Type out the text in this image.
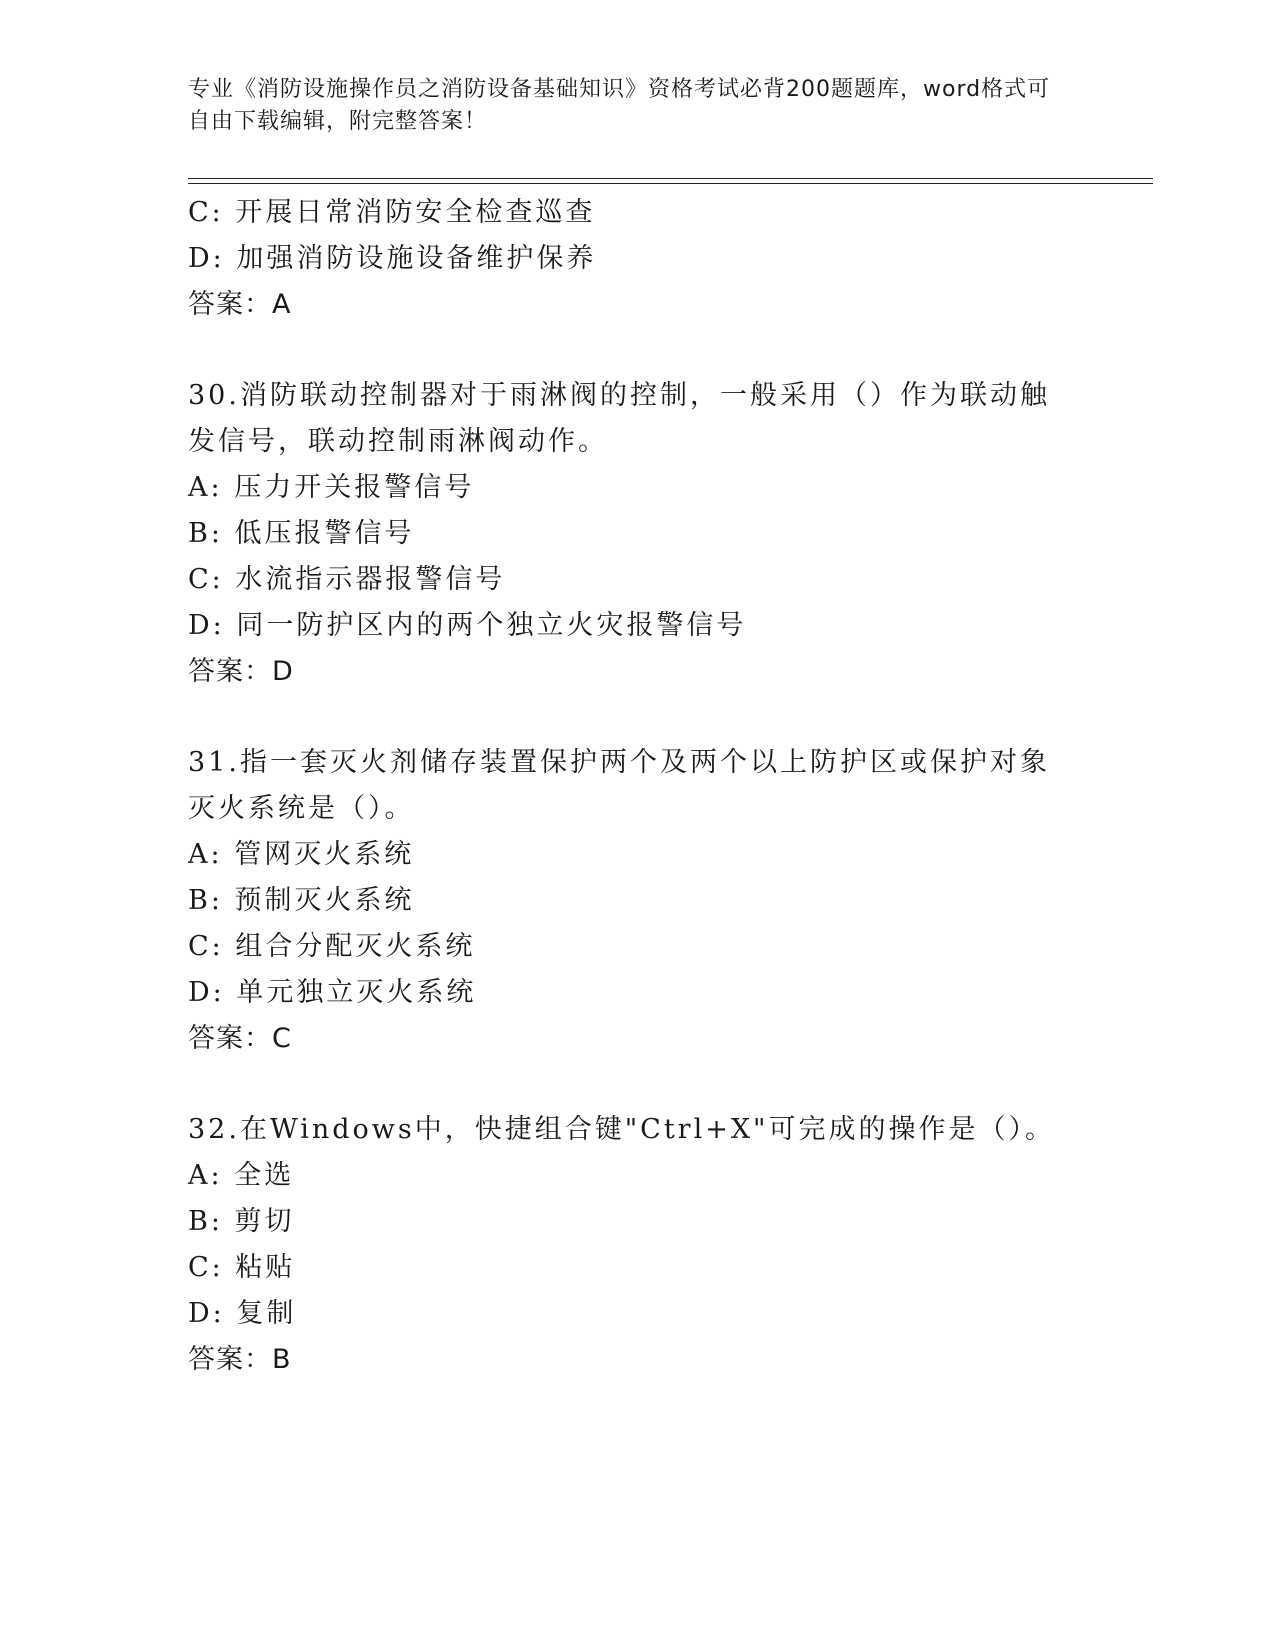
专业《消防设施操作员之消防设备基础知识》资格考试必背200题题库，word格式可自由下载编辑，附完整答案！
C: 开展日常消防安全检查巡查
D: 加强消防设施设备维护保养
答案：A
30.消防联动控制器对于雨淋阀的控制，一般采用（）作为联动触发信号，联动控制雨淋阀动作。
A: 压力开关报警信号
B: 低压报警信号
C: 水流指示器报警信号
D: 同一防护区内的两个独立火灾报警信号
答案：D
31.指一套灭火剂储存装置保护两个及两个以上防护区或保护对象灭火系统是（）。
A: 管网灭火系统
B: 预制灭火系统
C: 组合分配灭火系统
D: 单元独立灭火系统
答案：C
32.在Windows中，快捷组合键"Ctrl+X"可完成的操作是（）。
A: 全选
B: 剪切
C: 粘贴
D: 复制
答案：B
